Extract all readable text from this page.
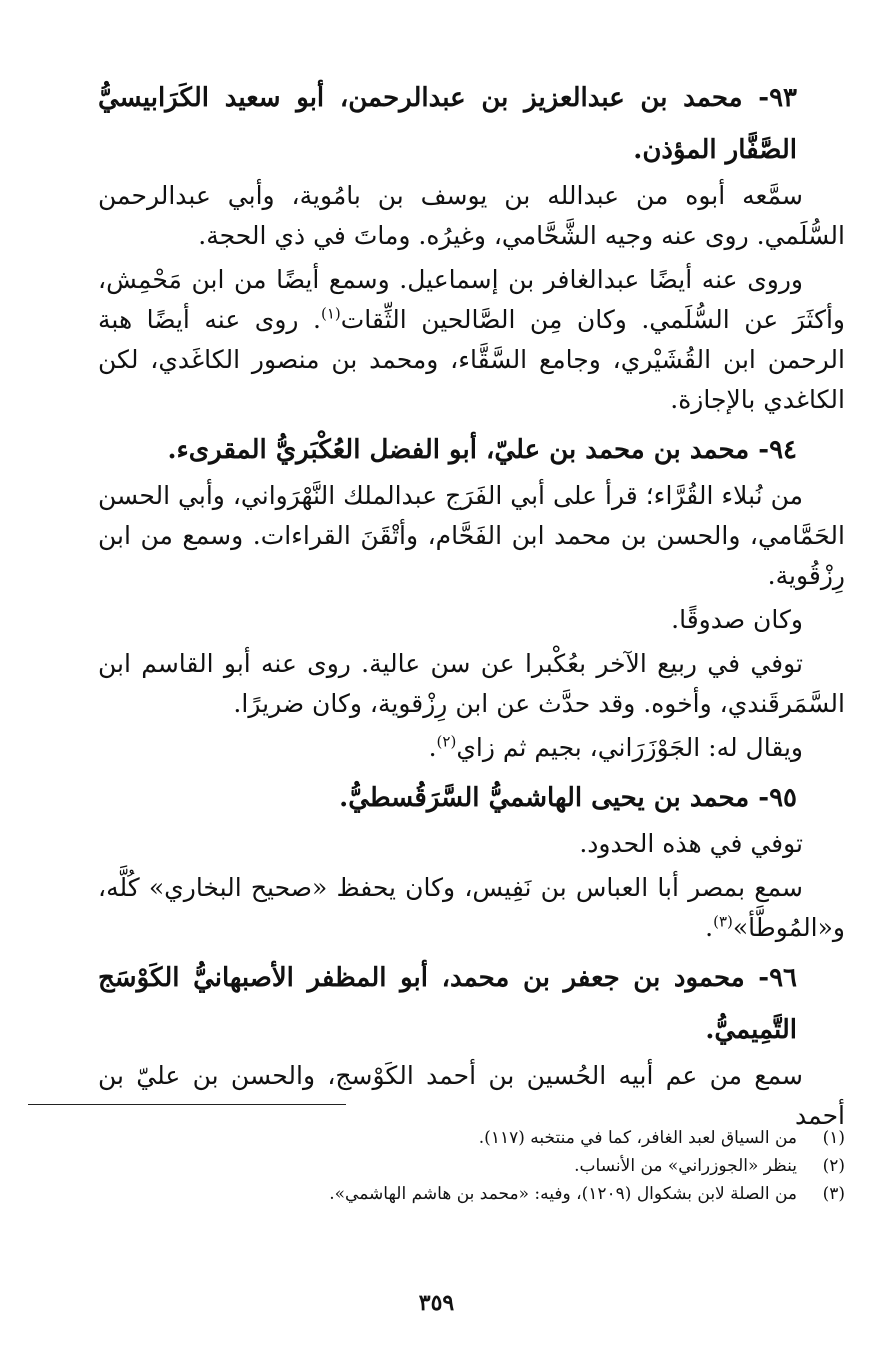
٩٣- محمد بن عبدالعزيز بن عبدالرحمن، أبو سعيد الكَرَابيسيُّ الصَّفَّار المؤذن.

سمَّعه أبوه من عبدالله بن يوسف بن بامُوية، وأبي عبدالرحمن السُّلَمي. روى عنه وجيه الشَّحَّامي، وغيرُه. وماتَ في ذي الحجة.

وروى عنه أيضًا عبدالغافر بن إسماعيل. وسمع أيضًا من ابن مَحْمِش، وأكثَرَ عن السُّلَمي. وكان مِن الصَّالحين الثِّقات$^{(١)}$. روى عنه أيضًا هبة الرحمن ابن القُشَيْري، وجامع السَّقَّاء، ومحمد بن منصور الكاغَدي، لكن الكاغدي بالإجازة.

٩٤- محمد بن محمد بن عليّ، أبو الفضل العُكْبَريُّ المقرىء.

من نُبلاء القُرَّاء؛ قرأ على أبي الفَرَج عبدالملك النَّهْرَواني، وأبي الحسن الحَمَّامي، والحسن بن محمد ابن الفَحَّام، وأتْقَنَ القراءات. وسمع من ابن رِزْقُوية.

وكان صدوقًا.

توفي في ربيع الآخر بعُكْبرا عن سن عالية. روى عنه أبو القاسم ابن السَّمَرقَندي، وأخوه. وقد حدَّث عن ابن رِزْقوية، وكان ضريرًا.

ويقال له: الجَوْزَرَاني، بجيم ثم زاي$^{(٢)}$.

٩٥- محمد بن يحيى الهاشميُّ السَّرَقُسطيُّ.

توفي في هذه الحدود.

سمع بمصر أبا العباس بن نَفِيس، وكان يحفظ «صحيح البخاري» كُلَّه، و«المُوطَّأ»$^{(٣)}$.

٩٦- محمود بن جعفر بن محمد، أبو المظفر الأصبهانيُّ الكَوْسَج التَّمِيميُّ.

سمع من عم أبيه الحُسين بن أحمد الكَوْسج، والحسن بن عليّ بن أحمد

(١)
من السياق لعبد الغافر، كما في منتخبه (١١٧).
(٢)
ينظر «الجوزراني» من الأنساب.
(٣)
من الصلة لابن بشكوال (١٢٠٩)، وفيه: «محمد بن هاشم الهاشمي».
٣٥٩
